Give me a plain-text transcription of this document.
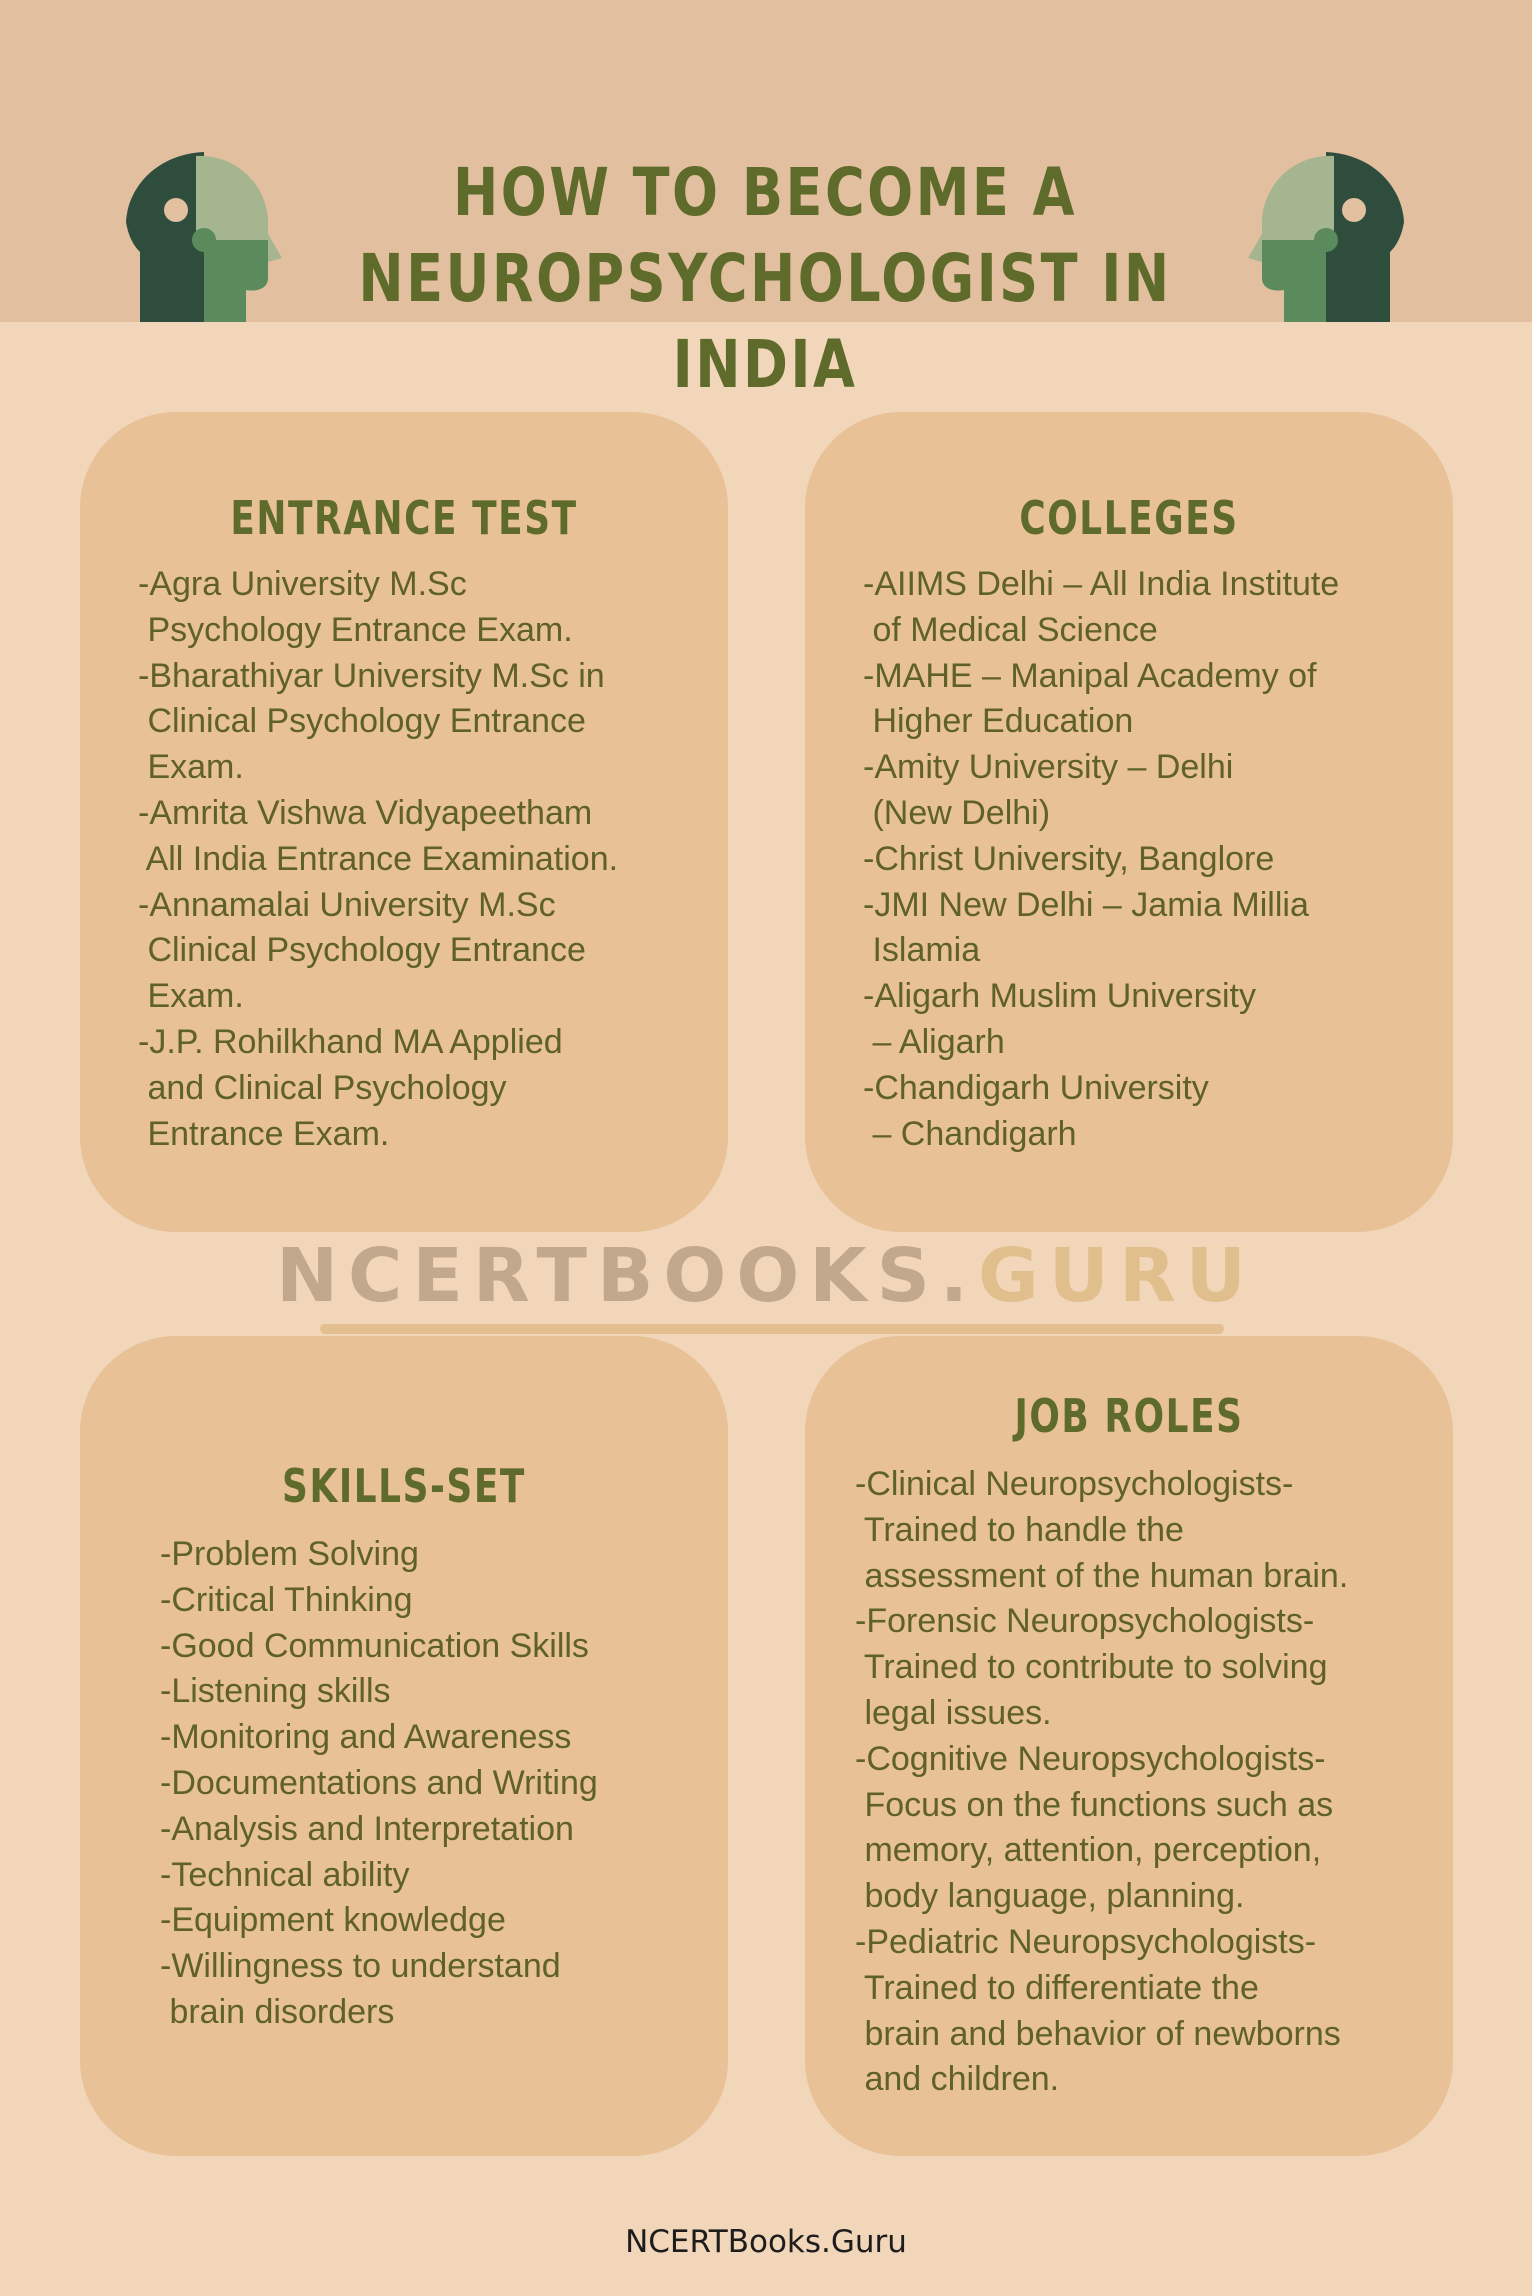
HOW TO BECOME A
NEUROPSYCHOLOGIST IN INDIA
ENTRANCE TEST
-Agra University M.Sc
Psychology Entrance Exam.
-Bharathiyar University M.Sc in
Clinical Psychology Entrance
Exam.
-Amrita Vishwa Vidyapeetham
All India Entrance Examination.
-Annamalai University M.Sc
Clinical Psychology Entrance
Exam.
-J.P. Rohilkhand MA Applied
and Clinical Psychology
Entrance Exam.
COLLEGES
-AIIMS Delhi – All India Institute
of Medical Science
-MAHE – Manipal Academy of
Higher Education
-Amity University – Delhi
(New Delhi)
-Christ University, Banglore
-JMI New Delhi – Jamia Millia
Islamia
-Aligarh Muslim University
– Aligarh
-Chandigarh University
– Chandigarh
NCERTBOOKS.GURU
SKILLS-SET
-Problem Solving
-Critical Thinking
-Good Communication Skills
-Listening skills
-Monitoring and Awareness
-Documentations and Writing
-Analysis and Interpretation
-Technical ability
-Equipment knowledge
-Willingness to understand
brain disorders
JOB ROLES
-Clinical Neuropsychologists-
Trained to handle the
assessment of the human brain.
-Forensic Neuropsychologists-
Trained to contribute to solving
legal issues.
-Cognitive Neuropsychologists-
Focus on the functions such as
memory, attention, perception,
body language, planning.
-Pediatric Neuropsychologists-
Trained to differentiate the
brain and behavior of newborns
and children.
NCERTBooks.Guru
